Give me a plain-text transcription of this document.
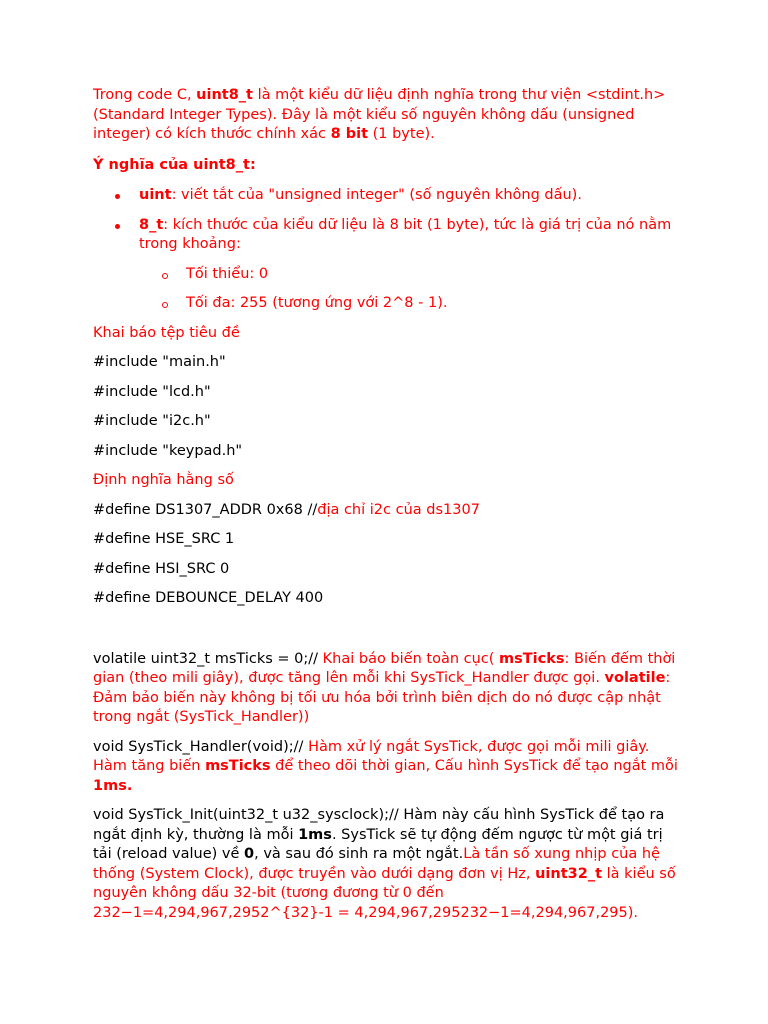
Trong code C, uint8_t là một kiểu dữ liệu định nghĩa trong thư viện <stdint.h> (Standard Integer Types). Đây là một kiểu số nguyên không dấu (unsigned integer) có kích thước chính xác 8 bit (1 byte).

Ý nghĩa của uint8_t:

uint: viết tắt của "unsigned integer" (số nguyên không dấu).
8_t: kích thước của kiểu dữ liệu là 8 bit (1 byte), tức là giá trị của nó nằm trong khoảng:
Tối thiểu: 0
Tối đa: 255 (tương ứng với 2^8 - 1).

Khai báo tệp tiêu đề

#include "main.h"

#include "lcd.h"

#include "i2c.h"

#include "keypad.h"

Định nghĩa hằng số

#define DS1307_ADDR 0x68 //địa chỉ i2c của ds1307

#define HSE_SRC 1

#define HSI_SRC 0

#define DEBOUNCE_DELAY 400

volatile uint32_t msTicks = 0;// Khai báo biến toàn cục( msTicks: Biến đếm thời gian (theo mili giây), được tăng lên mỗi khi SysTick_Handler được gọi. volatile: Đảm bảo biến này không bị tối ưu hóa bởi trình biên dịch do nó được cập nhật trong ngắt (SysTick_Handler))

void SysTick_Handler(void);// Hàm xử lý ngắt SysTick, được gọi mỗi mili giây. Hàm tăng biến msTicks để theo dõi thời gian, Cấu hình SysTick để tạo ngắt mỗi 1ms.

void SysTick_Init(uint32_t u32_sysclock);// Hàm này cấu hình SysTick để tạo ra ngắt định kỳ, thường là mỗi 1ms. SysTick sẽ tự động đếm ngược từ một giá trị tải (reload value) về 0, và sau đó sinh ra một ngắt.Là tần số xung nhịp của hệ thống (System Clock), được truyền vào dưới dạng đơn vị Hz, uint32_t là kiểu số nguyên không dấu 32-bit (tương đương từ 0 đến 232−1=4,294,967,2952^{32}-1 = 4,294,967,295232−1=4,294,967,295).
